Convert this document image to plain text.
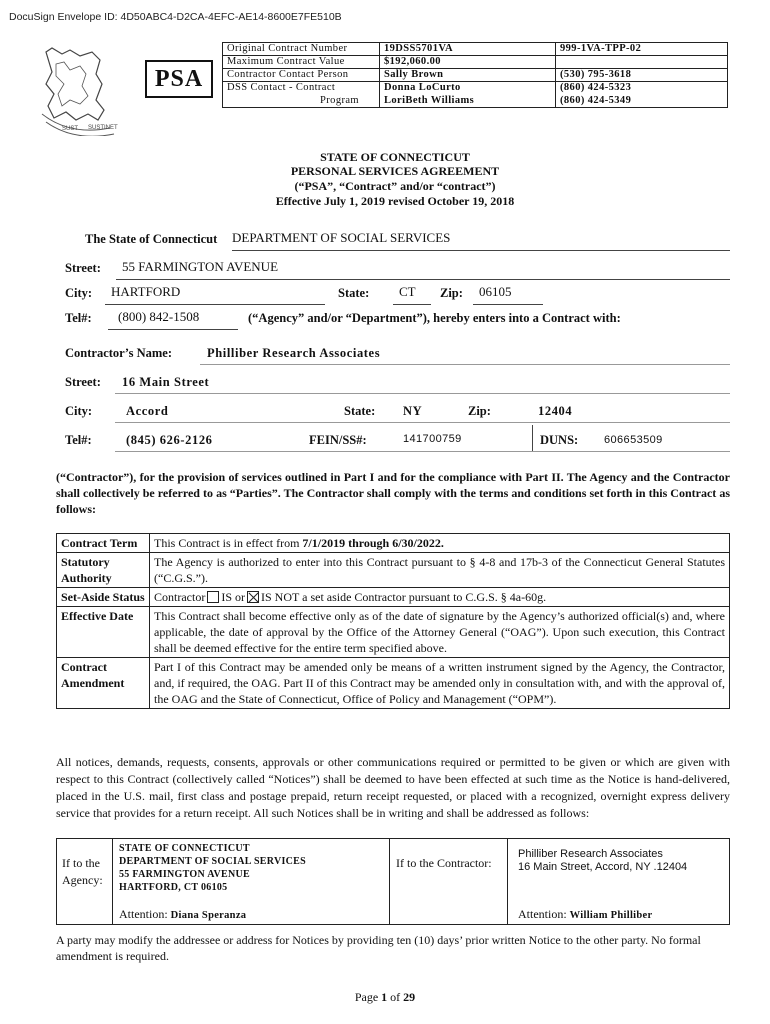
DocuSign Envelope ID: 4D50ABC4-D2CA-4EFC-AE14-8600E7FE510B
SUST SUSTINET
PSA
Original Contract Number	19DSS5701VA	999-1VA-TPP-02
Maximum Contract Value	$192,060.00	
Contractor Contact Person	Sally Brown	(530) 795-3618
DSS Contact - Contract	Donna LoCurto	(860) 424-5323
Program	LoriBeth Williams	(860) 424-5349
STATE OF CONNECTICUT
PERSONAL SERVICES AGREEMENT
(“PSA”, “Contract” and/or “contract”)
Effective July 1, 2019 revised October 19, 2018
The State of Connecticut DEPARTMENT OF SOCIAL SERVICES
Street:	55 FARMINGTON AVENUE
City:	HARTFORD	State:	CT	Zip:	06105
Tel#:	(800) 842-1508	(“Agency” and/or “Department”), hereby enters into a Contract with:
Contractor’s Name:	Philliber Research Associates
Street: 16 Main Street
City:	Accord	State: NY	Zip:	12404
Tel#:	(845) 626-2126	FEIN/SS#:	141700759	DUNS: 606653509
(“Contractor”), for the provision of services outlined in Part I and for the compliance with Part II. The Agency and the Contractor shall collectively be referred to as “Parties”. The Contractor shall comply with the terms and conditions set forth in this Contract as follows:
Contract Term	This Contract is in effect from 7/1/2019 through 6/30/2022.
Statutory Authority	The Agency is authorized to enter into this Contract pursuant to § 4-8 and 17b-3 of the Connecticut General Statutes (“C.G.S.”).
Set-Aside Status	Contractor IS or IS NOT a set aside Contractor pursuant to C.G.S. § 4a-60g.
Effective Date	This Contract shall become effective only as of the date of signature by the Agency’s authorized official(s) and, where applicable, the date of approval by the Office of the Attorney General (“OAG”). Upon such execution, this Contract shall be deemed effective for the entire term specified above.
Contract Amendment	Part I of this Contract may be amended only be means of a written instrument signed by the Agency, the Contractor, and, if required, the OAG. Part II of this Contract may be amended only in consultation with, and with the approval of, the OAG and the State of Connecticut, Office of Policy and Management (“OPM”).
All notices, demands, requests, consents, approvals or other communications required or permitted to be given or which are given with respect to this Contract (collectively called “Notices”) shall be deemed to have been effected at such time as the Notice is hand-delivered, placed in the U.S. mail, first class and postage prepaid, return receipt requested, or placed with a recognized, overnight express delivery service that provides for a return receipt. All such Notices shall be in writing and shall be addressed as follows:
If to the Agency:	
STATE OF CONNECTICUT
DEPARTMENT OF SOCIAL SERVICES
55 FARMINGTON AVENUE
HARTFORD, CT 06105
Attention: Diana Speranza
	If to the Contractor:	
Philliber Research Associates
16 Main Street, Accord, NY .12404
Attention: William Philliber
A party may modify the addressee or address for Notices by providing ten (10) days’ prior written Notice to the other party. No formal amendment is required.
Page 1 of 29
